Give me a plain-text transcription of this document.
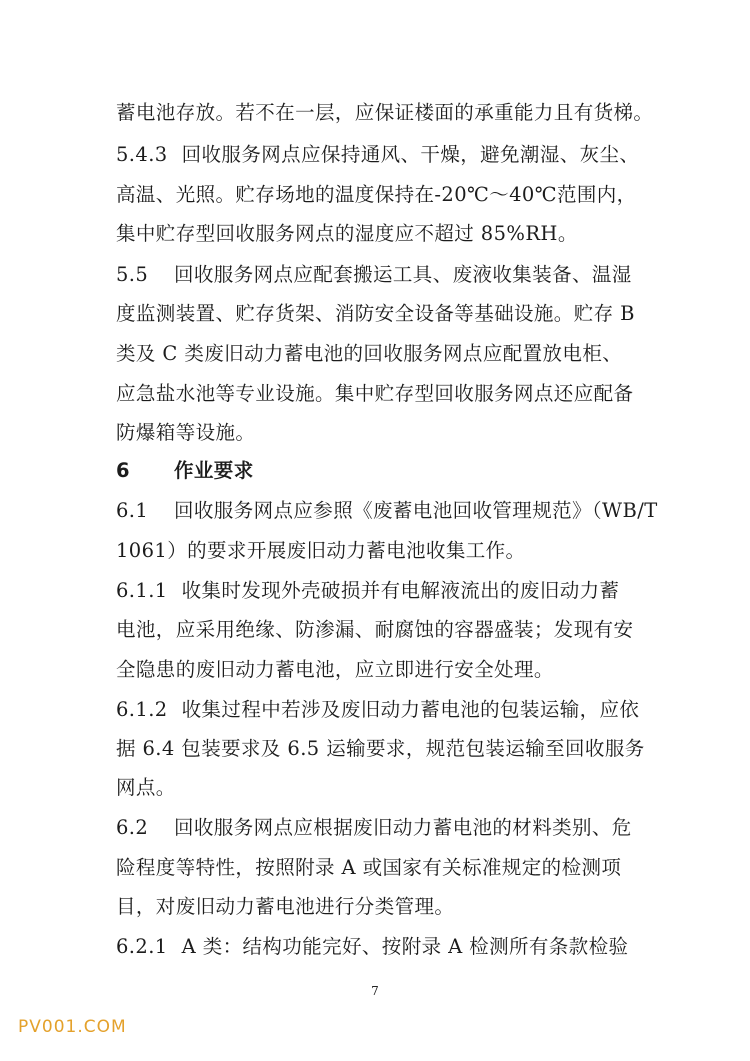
蓄电池存放。若不在一层，应保证楼面的承重能力且有货梯。
5.4.3 回收服务网点应保持通风、干燥，避免潮湿、灰尘、
高温、光照。贮存场地的温度保持在-20℃～40℃范围内，
集中贮存型回收服务网点的湿度应不超过 85%RH。
5.5 回收服务网点应配套搬运工具、废液收集装备、温湿
度监测装置、贮存货架、消防安全设备等基础设施。贮存 B
类及 C 类废旧动力蓄电池的回收服务网点应配置放电柜、
应急盐水池等专业设施。集中贮存型回收服务网点还应配备
防爆箱等设施。
6 作业要求
6.1 回收服务网点应参照《废蓄电池回收管理规范》（WB/T
1061）的要求开展废旧动力蓄电池收集工作。
6.1.1 收集时发现外壳破损并有电解液流出的废旧动力蓄
电池，应采用绝缘、防渗漏、耐腐蚀的容器盛装；发现有安
全隐患的废旧动力蓄电池，应立即进行安全处理。
6.1.2 收集过程中若涉及废旧动力蓄电池的包装运输，应依
据 6.4 包装要求及 6.5 运输要求，规范包装运输至回收服务
网点。
6.2 回收服务网点应根据废旧动力蓄电池的材料类别、危
险程度等特性，按照附录 A 或国家有关标准规定的检测项
目，对废旧动力蓄电池进行分类管理。
6.2.1 A 类：结构功能完好、按附录 A 检测所有条款检验
7
PV001.COM
